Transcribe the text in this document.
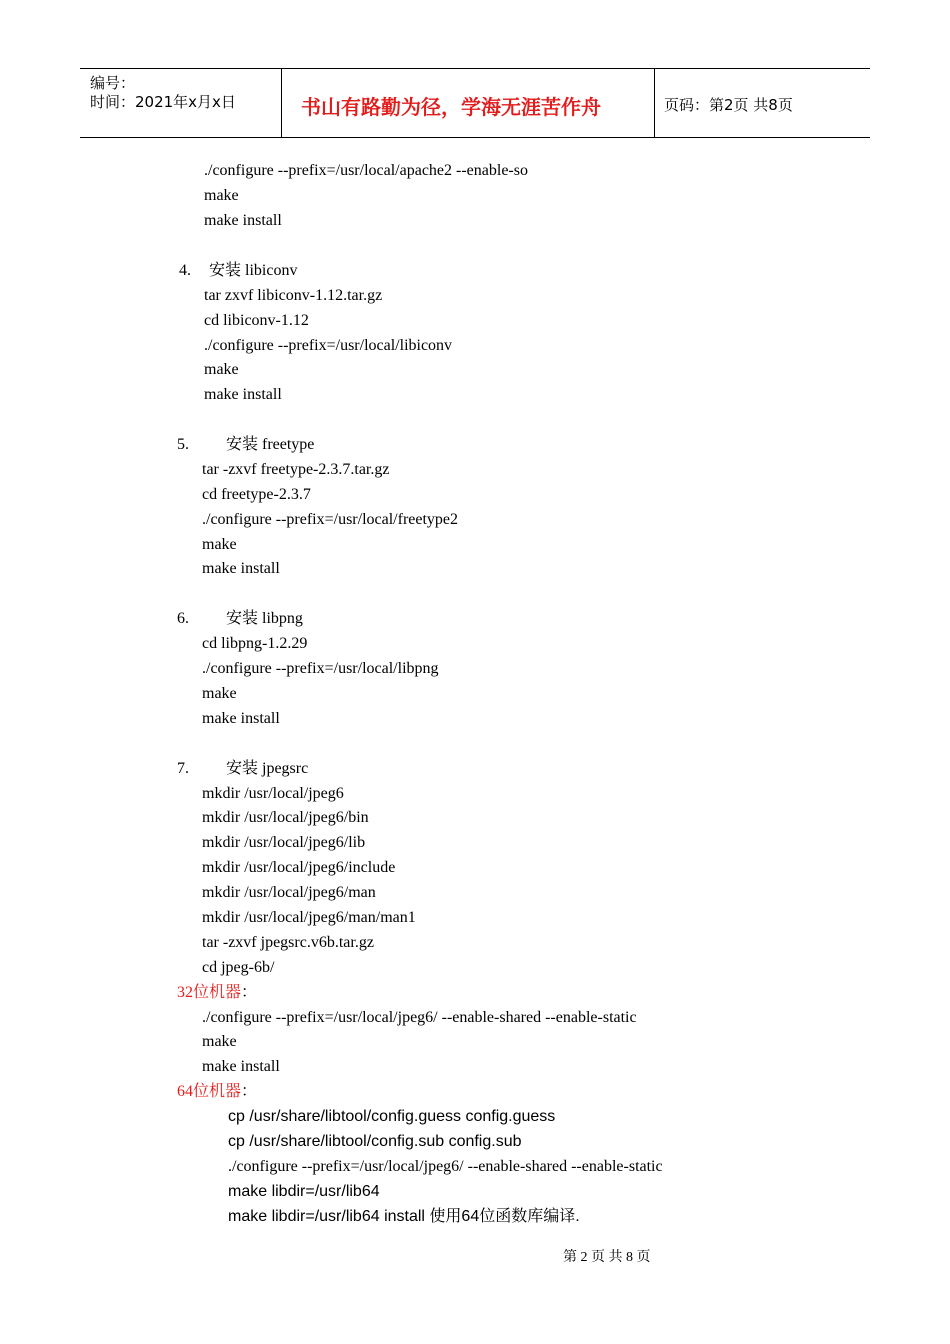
编号：
时间：2021年x月x日	书山有路勤为径，学海无涯苦作舟	页码：第2页 共8页
./configure --prefix=/usr/local/apache2 --enable-so
make
make install
4. 安装 libiconv
tar zxvf libiconv-1.12.tar.gz
cd libiconv-1.12
./configure --prefix=/usr/local/libiconv
make
make install
5. 安装 freetype
tar -zxvf freetype-2.3.7.tar.gz
cd freetype-2.3.7
./configure --prefix=/usr/local/freetype2
make
make install
6. 安装 libpng
cd libpng-1.2.29
./configure --prefix=/usr/local/libpng
make
make install
7. 安装 jpegsrc
mkdir /usr/local/jpeg6
mkdir /usr/local/jpeg6/bin
mkdir /usr/local/jpeg6/lib
mkdir /usr/local/jpeg6/include
mkdir /usr/local/jpeg6/man
mkdir /usr/local/jpeg6/man/man1
tar -zxvf jpegsrc.v6b.tar.gz
cd jpeg-6b/
32位机器：
./configure --prefix=/usr/local/jpeg6/ --enable-shared --enable-static
make
make install
64位机器：
cp /usr/share/libtool/config.guess config.guess
cp /usr/share/libtool/config.sub config.sub
./configure --prefix=/usr/local/jpeg6/ --enable-shared --enable-static
make libdir=/usr/lib64
make libdir=/usr/lib64 install 使用64位函数库编译.
第 2 页 共 8 页
